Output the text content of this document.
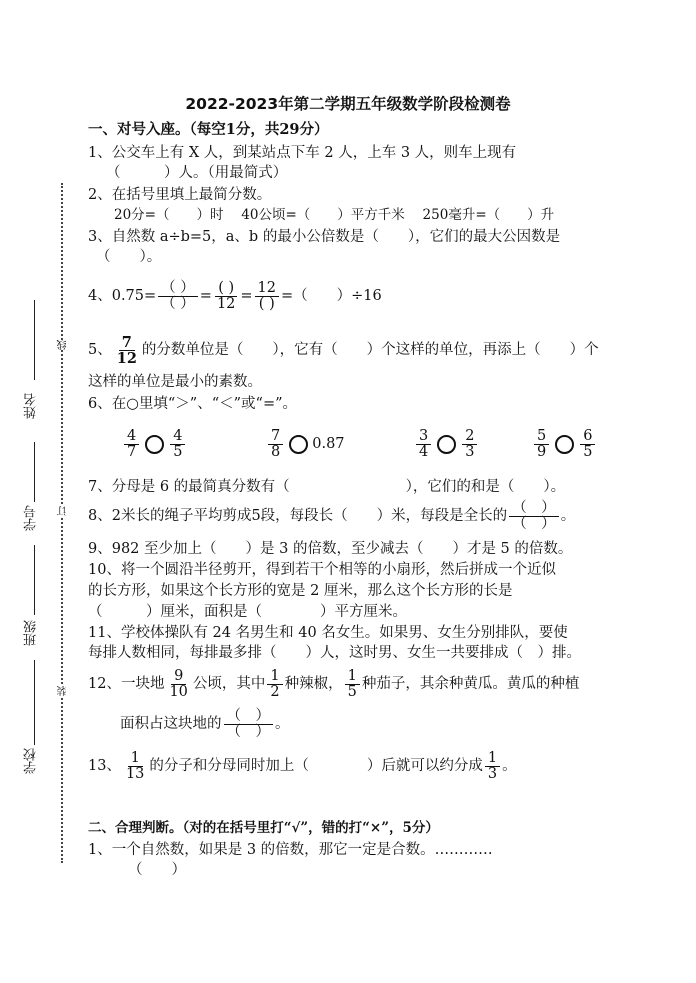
姓名
学号
班级
学校
线
订
装
2022-2023年第二学期五年级数学阶段检测卷
一、对号入座。（每空1分，共29分）
1、公交车上有 X 人，到某站点下车 2 人，上车 3 人，则车上现有
（　　　）人。（用最简式）
2、在括号里填上最简分数。
20分=（　　）时　 40公顷=（　　）平方千米　 250毫升=（　　）升
3、自然数 a÷b=5，a、b 的最小公倍数是（　　），它们的最大公因数是
（　　）。
4、$0.75= \frac{( )}{( )} = \frac{( )}{12} = \frac{12}{( )}$ =（　　）÷16
5、 $\frac{7}{12}$ 的分数单位是（　　），它有（　　）个这样的单位，再添上（　　）个
这样的单位是最小的素数。
6、在○里填“＞”、“＜”或“=”。
$\frac{4}{7} \frac{4}{5}$	$\frac{7}{8} 0.87$	$\frac{3}{4} \frac{2}{3}$	$\frac{5}{9} \frac{6}{5}$
7、分母是 6 的最简真分数有（　　　　　　　　），它们的和是（　　）。
8、2米长的绳子平均剪成5段，每段长（　　）米，每段是全长的 $\frac{( )}{( )}$ 。
9、982 至少加上（　　）是 3 的倍数，至少减去（　　）才是 5 的倍数。
10、将一个圆沿半径剪开，得到若干个相等的小扇形，然后拼成一个近似
的长方形，如果这个长方形的宽是 2 厘米，那么这个长方形的长是
（　　　）厘米，面积是（　　　　）平方厘米。
11、学校体操队有 24 名男生和 40 名女生。如果男、女生分别排队，要使
每排人数相同，每排最多排（　　）人，这时男、女生一共要排成（　）排。
12、一块地 $\frac{9}{10}$ 公顷，其中 $\frac{1}{2}$ 种辣椒， $\frac{1}{5}$ 种茄子，其余种黄瓜。黄瓜的种植
面积占这块地的 $\frac{( )}{( )}$ 。
13、 $\frac{1}{13}$ 的分子和分母同时加上（　　　　）后就可以约分成 $\frac{1}{3}$ 。
二、合理判断。（对的在括号里打“√”，错的打“×”，5分）
1、一个自然数，如果是 3 的倍数，那它一定是合数。…………
（　　）
